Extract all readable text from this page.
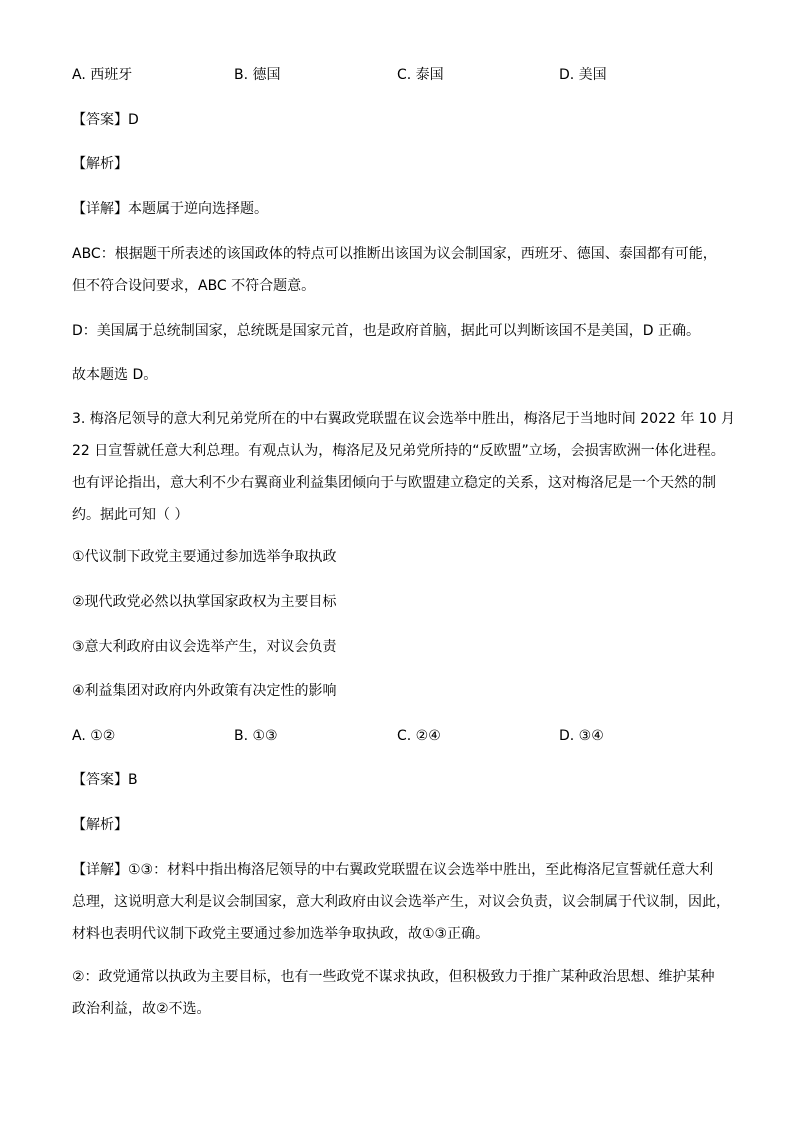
A. 西班牙	B. 德国	C. 泰国	D. 美国
【答案】D
【解析】
【详解】本题属于逆向选择题。
ABC：根据题干所表述的该国政体的特点可以推断出该国为议会制国家，西班牙、德国、泰国都有可能，
但不符合设问要求，ABC 不符合题意。
D：美国属于总统制国家，总统既是国家元首，也是政府首脑，据此可以判断该国不是美国，D 正确。
故本题选 D。
3. 梅洛尼领导的意大利兄弟党所在的中右翼政党联盟在议会选举中胜出，梅洛尼于当地时间 2022 年 10 月
22 日宣誓就任意大利总理。有观点认为，梅洛尼及兄弟党所持的“反欧盟”立场，会损害欧洲一体化进程。
也有评论指出，意大利不少右翼商业利益集团倾向于与欧盟建立稳定的关系，这对梅洛尼是一个天然的制
约。据此可知（ ）
①代议制下政党主要通过参加选举争取执政
②现代政党必然以执掌国家政权为主要目标
③意大利政府由议会选举产生，对议会负责
④利益集团对政府内外政策有决定性的影响
A. ①②	B. ①③	C. ②④	D. ③④
【答案】B
【解析】
【详解】①③：材料中指出梅洛尼领导的中右翼政党联盟在议会选举中胜出，至此梅洛尼宣誓就任意大利
总理，这说明意大利是议会制国家，意大利政府由议会选举产生，对议会负责，议会制属于代议制，因此，
材料也表明代议制下政党主要通过参加选举争取执政，故①③正确。
②：政党通常以执政为主要目标，也有一些政党不谋求执政，但积极致力于推广某种政治思想、维护某种
政治利益，故②不选。
